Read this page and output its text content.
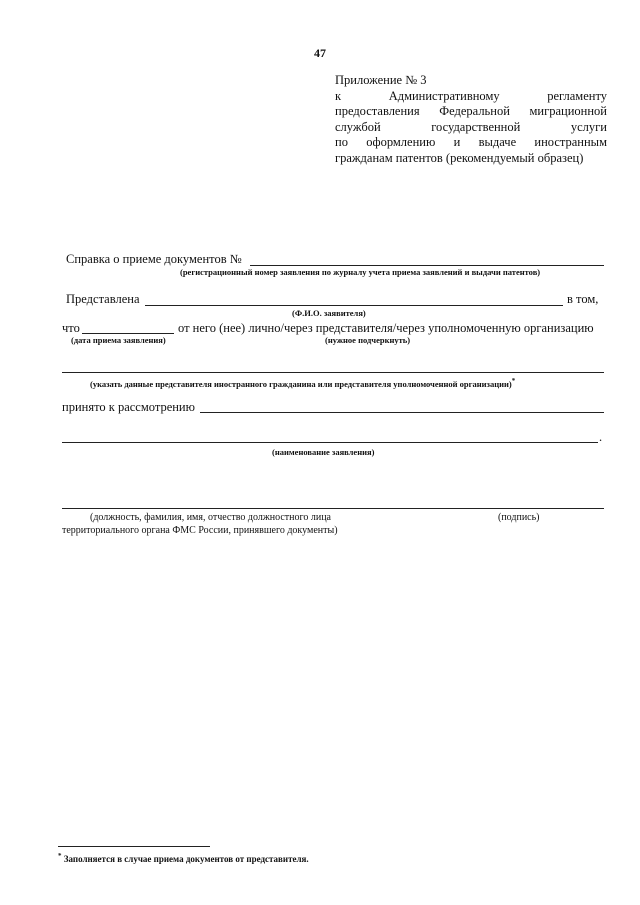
47
Приложение № 3
к Административному регламенту
предоставления Федеральной миграционной
службой государственной услуги
по оформлению и выдаче иностранным
гражданам патентов (рекомендуемый образец)
Справка о приеме документов №
(регистрационный номер заявления по журналу учета приема заявлений и выдачи патентов)
Представлена	в том,
(Ф.И.О. заявителя)
что	от него (нее) лично/через представителя/через уполномоченную организацию
(дата приема заявления)	(нужное подчеркнуть)
(указать данные представителя иностранного гражданина или представителя уполномоченной организации)*
принято к рассмотрению
.
(наименование заявления)
(должность, фамилия, имя, отчество должностного лица
территориального органа ФМС России, принявшего документы)
(подпись)
* Заполняется в случае приема документов от представителя.
